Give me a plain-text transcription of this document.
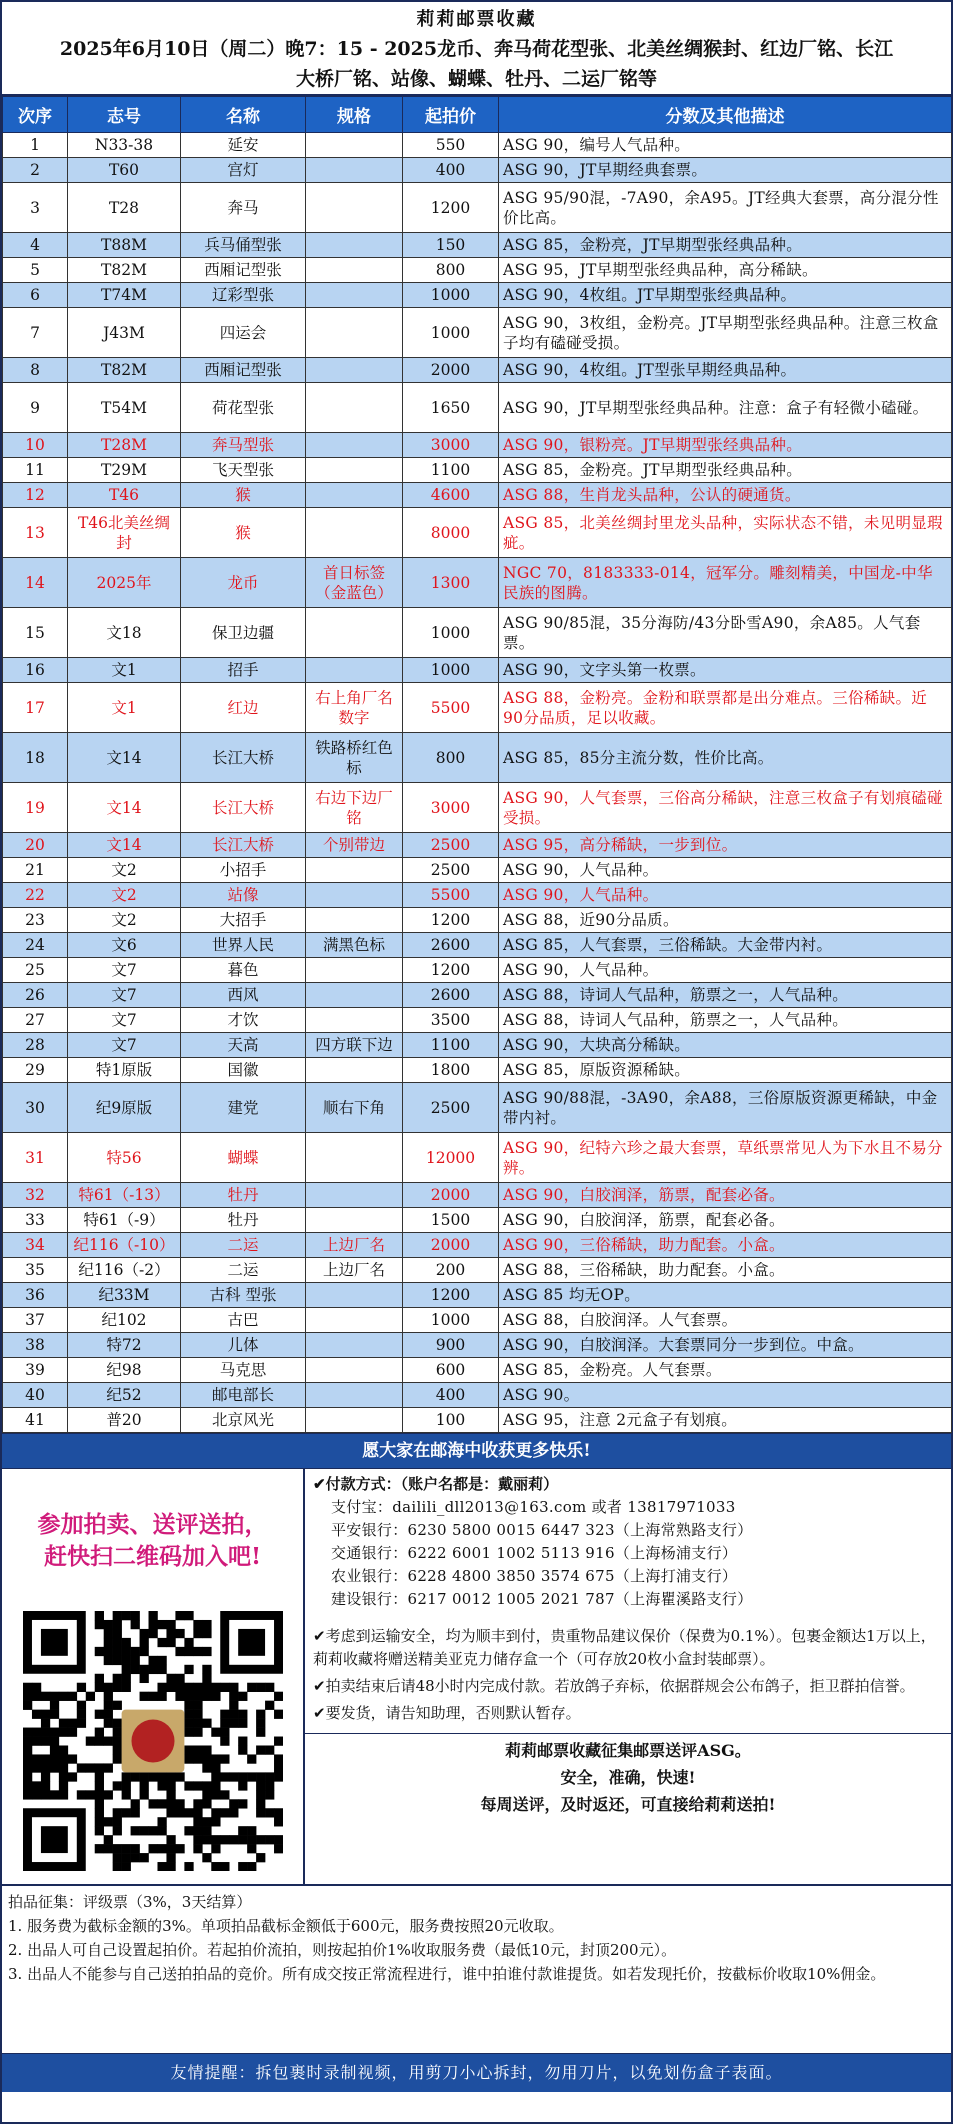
莉莉邮票收藏
2025年6月10日（周二）晚7：15 - 2025龙币、奔马荷花型张、北美丝绸猴封、红边厂铭、长江
大桥厂铭、站像、蝴蝶、牡丹、二运厂铭等
次序	志号	名称	规格	起拍价	分数及其他描述
1	N33-38	延安		550	ASG 90，编号人气品种。
2	T60	宫灯		400	ASG 90，JT早期经典套票。
3	T28	奔马		1200	ASG 95/90混，-7A90，余A95。JT经典大套票，高分混分性价比高。
4	T88M	兵马俑型张		150	ASG 85，金粉亮，JT早期型张经典品种。
5	T82M	西厢记型张		800	ASG 95，JT早期型张经典品种，高分稀缺。
6	T74M	辽彩型张		1000	ASG 90，4枚组。JT早期型张经典品种。
7	J43M	四运会		1000	ASG 90，3枚组，金粉亮。JT早期型张经典品种。注意三枚盒子均有磕碰受损。
8	T82M	西厢记型张		2000	ASG 90，4枚组。JT型张早期经典品种。
9	T54M	荷花型张		1650	ASG 90，JT早期型张经典品种。注意：盒子有轻微小磕碰。
10	T28M	奔马型张		3000	ASG 90，银粉亮。JT早期型张经典品种。
11	T29M	飞天型张		1100	ASG 85，金粉亮。JT早期型张经典品种。
12	T46	猴		4600	ASG 88，生肖龙头品种，公认的硬通货。
13	T46北美丝绸封	猴		8000	ASG 85，北美丝绸封里龙头品种，实际状态不错，未见明显瑕疵。
14	2025年	龙币	首日标签（金蓝色）	1300	NGC 70，8183333-014，冠军分。雕刻精美，中国龙-中华民族的图腾。
15	文18	保卫边疆		1000	ASG 90/85混，35分海防/43分卧雪A90，余A85。人气套票。
16	文1	招手		1000	ASG 90，文字头第一枚票。
17	文1	红边	右上角厂名数字	5500	ASG 88，金粉亮。金粉和联票都是出分难点。三俗稀缺。近90分品质，足以收藏。
18	文14	长江大桥	铁路桥红色标	800	ASG 85，85分主流分数，性价比高。
19	文14	长江大桥	右边下边厂铭	3000	ASG 90，人气套票，三俗高分稀缺，注意三枚盒子有划痕磕碰受损。
20	文14	长江大桥	个别带边	2500	ASG 95，高分稀缺，一步到位。
21	文2	小招手		2500	ASG 90，人气品种。
22	文2	站像		5500	ASG 90，人气品种。
23	文2	大招手		1200	ASG 88，近90分品质。
24	文6	世界人民	满黑色标	2600	ASG 85，人气套票，三俗稀缺。大金带内衬。
25	文7	暮色		1200	ASG 90，人气品种。
26	文7	西风		2600	ASG 88，诗词人气品种，筋票之一，人气品种。
27	文7	才饮		3500	ASG 88，诗词人气品种，筋票之一，人气品种。
28	文7	天高	四方联下边	1100	ASG 90，大块高分稀缺。
29	特1原版	国徽		1800	ASG 85，原版资源稀缺。
30	纪9原版	建党	顺右下角	2500	ASG 90/88混，-3A90，余A88，三俗原版资源更稀缺，中金带内衬。
31	特56	蝴蝶		12000	ASG 90，纪特六珍之最大套票，草纸票常见人为下水且不易分辨。
32	特61（-13）	牡丹		2000	ASG 90，白胶润泽，筋票，配套必备。
33	特61（-9）	牡丹		1500	ASG 90，白胶润泽，筋票，配套必备。
34	纪116（-10）	二运	上边厂名	2000	ASG 90，三俗稀缺，助力配套。小盒。
35	纪116（-2）	二运	上边厂名	200	ASG 88，三俗稀缺，助力配套。小盒。
36	纪33M	古科 型张		1200	ASG 85 均无OP。
37	纪102	古巴		1000	ASG 88，白胶润泽。人气套票。
38	特72	儿体		900	ASG 90，白胶润泽。大套票同分一步到位。中盒。
39	纪98	马克思		600	ASG 85，金粉亮。人气套票。
40	纪52	邮电部长		400	ASG 90。
41	普20	北京风光		100	ASG 95，注意 2元盒子有划痕。
愿大家在邮海中收获更多快乐!
参加拍卖、送评送拍，
赶快扫二维码加入吧!
✔付款方式：（账户名都是：戴丽莉）
支付宝：dailili_dll2013@163.com 或者 13817971033
平安银行：6230 5800 0015 6447 323（上海常熟路支行）
交通银行：6222 6001 1002 5113 916（上海杨浦支行）
农业银行：6228 4800 3850 3574 675（上海打浦支行）
建设银行：6217 0012 1005 2021 787（上海瞿溪路支行）
✔考虑到运输安全，均为顺丰到付，贵重物品建议保价（保费为0.1%）。包裹金额达1万以上，莉莉收藏将赠送精美亚克力储存盒一个（可存放20枚小盒封装邮票）。
✔拍卖结束后请48小时内完成付款。若放鸽子弃标，依据群规会公布鸽子，拒卫群拍信誉。
✔要发货，请告知助理，否则默认暂存。
莉莉邮票收藏征集邮票送评ASG。
安全，准确，快速!
每周送评，及时返还，可直接给莉莉送拍!
拍品征集：评级票（3%，3天结算）
1. 服务费为截标金额的3%。单项拍品截标金额低于600元，服务费按照20元收取。
2. 出品人可自己设置起拍价。若起拍价流拍，则按起拍价1%收取服务费（最低10元，封顶200元）。
3. 出品人不能参与自己送拍拍品的竞价。所有成交按正常流程进行，谁中拍谁付款谁提货。如若发现托价，按截标价收取10%佣金。
友情提醒：拆包裹时录制视频，用剪刀小心拆封，勿用刀片，以免划伤盒子表面。
